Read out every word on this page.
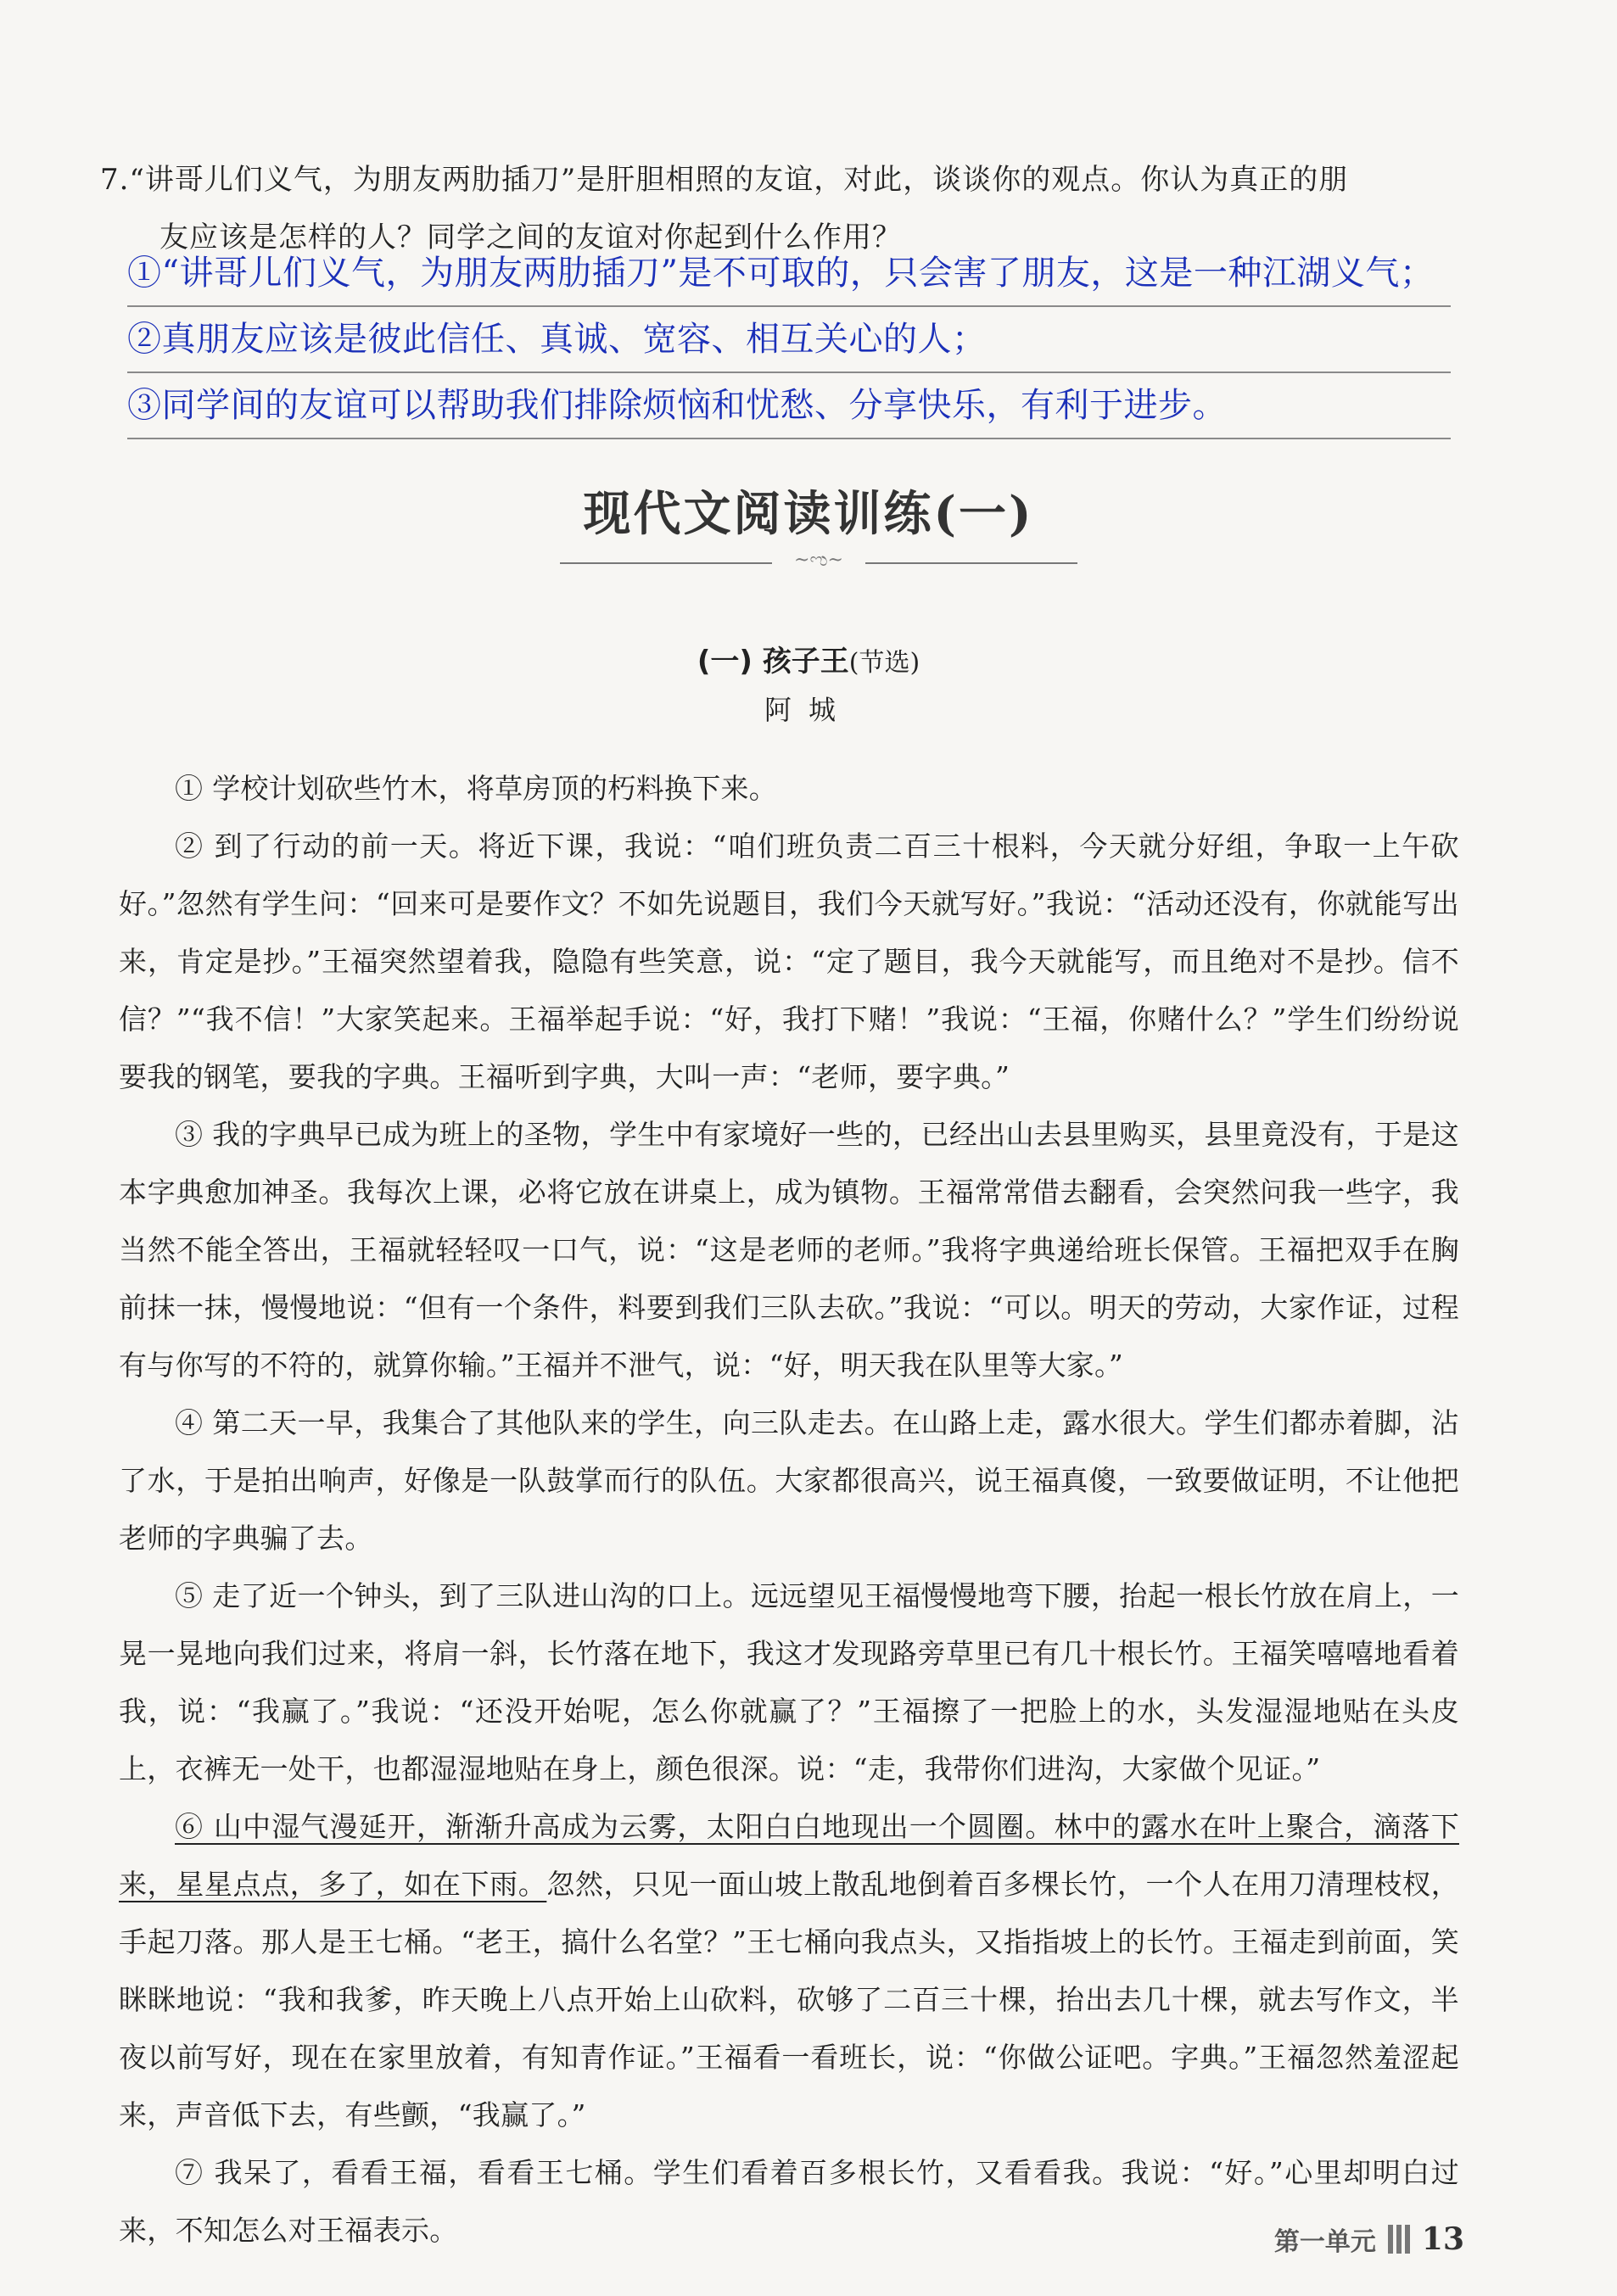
7.“讲哥儿们义气，为朋友两肋插刀”是肝胆相照的友谊，对此，谈谈你的观点。你认为真正的朋
友应该是怎样的人？同学之间的友谊对你起到什么作用？
①“讲哥儿们义气，为朋友两肋插刀”是不可取的，只会害了朋友，这是一种江湖义气；
②真朋友应该是彼此信任、真诚、宽容、相互关心的人；
③同学间的友谊可以帮助我们排除烦恼和忧愁、分享快乐，有利于进步。
现代文阅读训练(一)
~ಌ~
(一) 孩子王(节选)
阿城

① 学校计划砍些竹木，将草房顶的朽料换下来。

② 到了行动的前一天。将近下课，我说：“咱们班负责二百三十根料，今天就分好组，争取一上午砍好。”忽然有学生问：“回来可是要作文？不如先说题目，我们今天就写好。”我说：“活动还没有，你就能写出来，肯定是抄。”王福突然望着我，隐隐有些笑意，说：“定了题目，我今天就能写，而且绝对不是抄。信不信？”“我不信！”大家笑起来。王福举起手说：“好，我打下赌！”我说：“王福，你赌什么？”学生们纷纷说要我的钢笔，要我的字典。王福听到字典，大叫一声：“老师，要字典。”

③ 我的字典早已成为班上的圣物，学生中有家境好一些的，已经出山去县里购买，县里竟没有，于是这本字典愈加神圣。我每次上课，必将它放在讲桌上，成为镇物。王福常常借去翻看，会突然问我一些字，我当然不能全答出，王福就轻轻叹一口气，说：“这是老师的老师。”我将字典递给班长保管。王福把双手在胸前抹一抹，慢慢地说：“但有一个条件，料要到我们三队去砍。”我说：“可以。明天的劳动，大家作证，过程有与你写的不符的，就算你输。”王福并不泄气，说：“好，明天我在队里等大家。”

④ 第二天一早，我集合了其他队来的学生，向三队走去。在山路上走，露水很大。学生们都赤着脚，沾了水，于是拍出响声，好像是一队鼓掌而行的队伍。大家都很高兴，说王福真傻，一致要做证明，不让他把老师的字典骗了去。

⑤ 走了近一个钟头，到了三队进山沟的口上。远远望见王福慢慢地弯下腰，抬起一根长竹放在肩上，一晃一晃地向我们过来，将肩一斜，长竹落在地下，我这才发现路旁草里已有几十根长竹。王福笑嘻嘻地看着我，说：“我赢了。”我说：“还没开始呢，怎么你就赢了？”王福擦了一把脸上的水，头发湿湿地贴在头皮上，衣裤无一处干，也都湿湿地贴在身上，颜色很深。说：“走，我带你们进沟，大家做个见证。”

⑥ 山中湿气漫延开，渐渐升高成为云雾，太阳白白地现出一个圆圈。林中的露水在叶上聚合，滴落下来，星星点点，多了，如在下雨。忽然，只见一面山坡上散乱地倒着百多棵长竹，一个人在用刀清理枝杈，手起刀落。那人是王七桶。“老王，搞什么名堂？”王七桶向我点头，又指指坡上的长竹。王福走到前面，笑眯眯地说：“我和我爹，昨天晚上八点开始上山砍料，砍够了二百三十棵，抬出去几十棵，就去写作文，半夜以前写好，现在在家里放着，有知青作证。”王福看一看班长，说：“你做公证吧。字典。”王福忽然羞涩起来，声音低下去，有些颤，“我赢了。”

⑦ 我呆了，看看王福，看看王七桶。学生们看着百多根长竹，又看看我。我说：“好。”心里却明白过来，不知怎么对王福表示。	第一单元 13
